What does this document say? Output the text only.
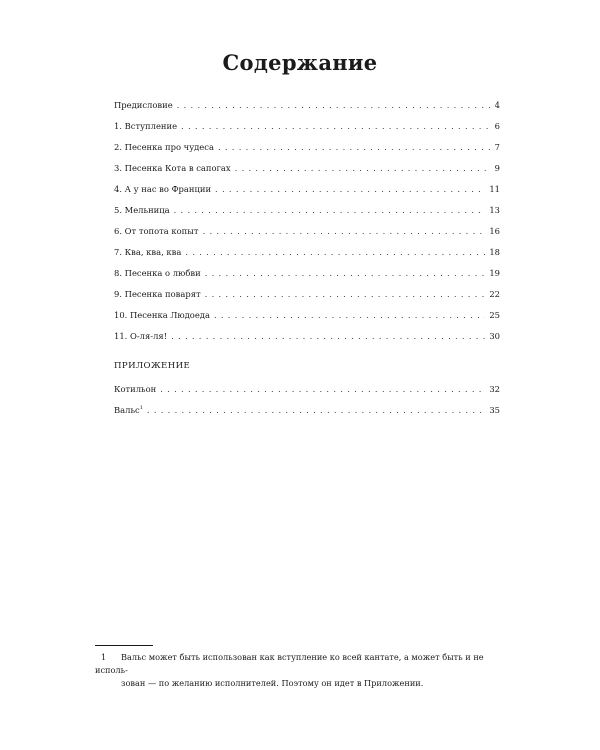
Содержание
Предисловие . . .	4
1. Вступление . . .	6
2. Песенка про чудеса . . .	7
3. Песенка Кота в сапогах . . .	9
4. А у нас во Франции . . .	11
5. Мельница . . .	13
6. От топота копыт . . .	16
7. Ква, ква, ква . . .	18
8. Песенка о любви . . .	19
9. Песенка поварят . . .	22
10. Песенка Людоеда . . .	25
11. О-ля-ля! . . .	30
ПРИЛОЖЕНИЕ
Котильон . . .	32
Вальс$^1$ . . .	35
1 Вальс может быть использован как вступление ко всей кантате, а может быть и не исполь-
зован — по желанию исполнителей. Поэтому он идет в Приложении.
